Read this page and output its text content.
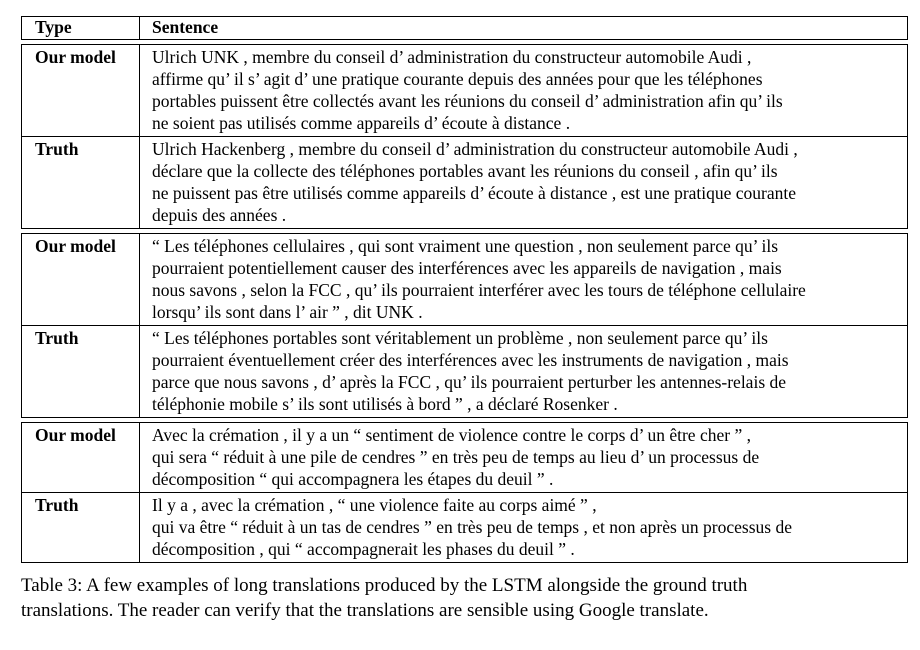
Type	Sentence

Our model	Ulrich UNK , membre du conseil d’ administration du constructeur automobile Audi ,
affirme qu’ il s’ agit d’ une pratique courante depuis des années pour que les téléphones
portables puissent être collectés avant les réunions du conseil d’ administration afin qu’ ils
ne soient pas utilisés comme appareils d’ écoute à distance .

Truth	Ulrich Hackenberg , membre du conseil d’ administration du constructeur automobile Audi ,
déclare que la collecte des téléphones portables avant les réunions du conseil , afin qu’ ils
ne puissent pas être utilisés comme appareils d’ écoute à distance , est une pratique courante
depuis des années .

Our model	“ Les téléphones cellulaires , qui sont vraiment une question , non seulement parce qu’ ils
pourraient potentiellement causer des interférences avec les appareils de navigation , mais
nous savons , selon la FCC , qu’ ils pourraient interférer avec les tours de téléphone cellulaire
lorsqu’ ils sont dans l’ air ” , dit UNK .

Truth	“ Les téléphones portables sont véritablement un problème , non seulement parce qu’ ils
pourraient éventuellement créer des interférences avec les instruments de navigation , mais
parce que nous savons , d’ après la FCC , qu’ ils pourraient perturber les antennes-relais de
téléphonie mobile s’ ils sont utilisés à bord ” , a déclaré Rosenker .

Our model	Avec la crémation , il y a un “ sentiment de violence contre le corps d’ un être cher ” ,
qui sera “ réduit à une pile de cendres ” en très peu de temps au lieu d’ un processus de
décomposition “ qui accompagnera les étapes du deuil ” .

Truth	Il y a , avec la crémation , “ une violence faite au corps aimé ” ,
qui va être “ réduit à un tas de cendres ” en très peu de temps , et non après un processus de
décomposition , qui “ accompagnerait les phases du deuil ” .
Table 3: A few examples of long translations produced by the LSTM alongside the ground truth
translations. The reader can verify that the translations are sensible using Google translate.
